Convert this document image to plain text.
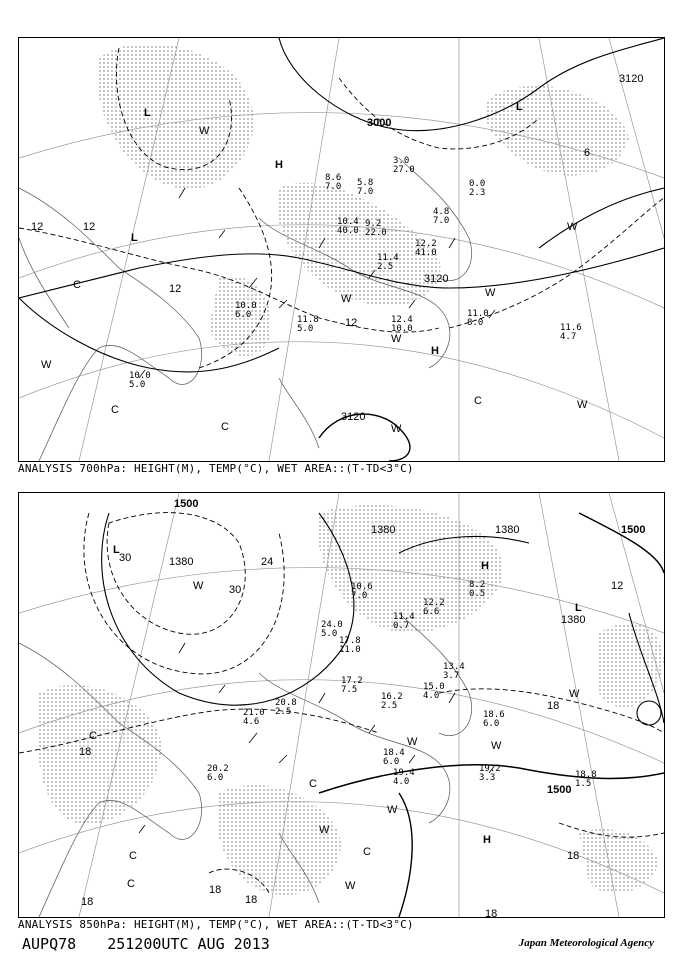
3000
3120
3120
3120
12	12
12
12
6
L
L
L
H
H
W
W
W
W
W
W
W
W
C
C
C
C
12.2
41.0
11.0
8.0	11.6
4.7
10.0
5.0
5.8
7.0
3.0
27.0
11.4
2.5
12.4
10.0
11.8
5.0
10.0
6.0
9.2
22.0
10.4
40.0
8.6
7.0
4.8
7.0
0.0
2.3
ANALYSIS 700hPa: HEIGHT(M), TEMP(°C), WET AREA::(T-TD<3°C)
1500
1500
1500
1380
1380	1380
1380
30
30
24
18
18
18
18	18
18
18
12
L
L
H
H
W
W	W
W
W
W
W
C
C
C
C
C
19.4
4.0
19.2
3.3	18.8
1.5
18.4
6.0
17.8
11.0
17.2
7.5
16.2
2.5
15.0
4.0
13.4
3.7
12.2
6.6
10.6
7.0
11.4
0.7
20.2
6.0
21.0
4.6
24.0
5.0
20.8
2.5	18.6
6.0
8.2
0.5
ANALYSIS 850hPa: HEIGHT(M), TEMP(°C), WET AREA::(T-TD<3°C)
AUPQ78 251200UTC AUG 2013	Japan Meteorological Agency
